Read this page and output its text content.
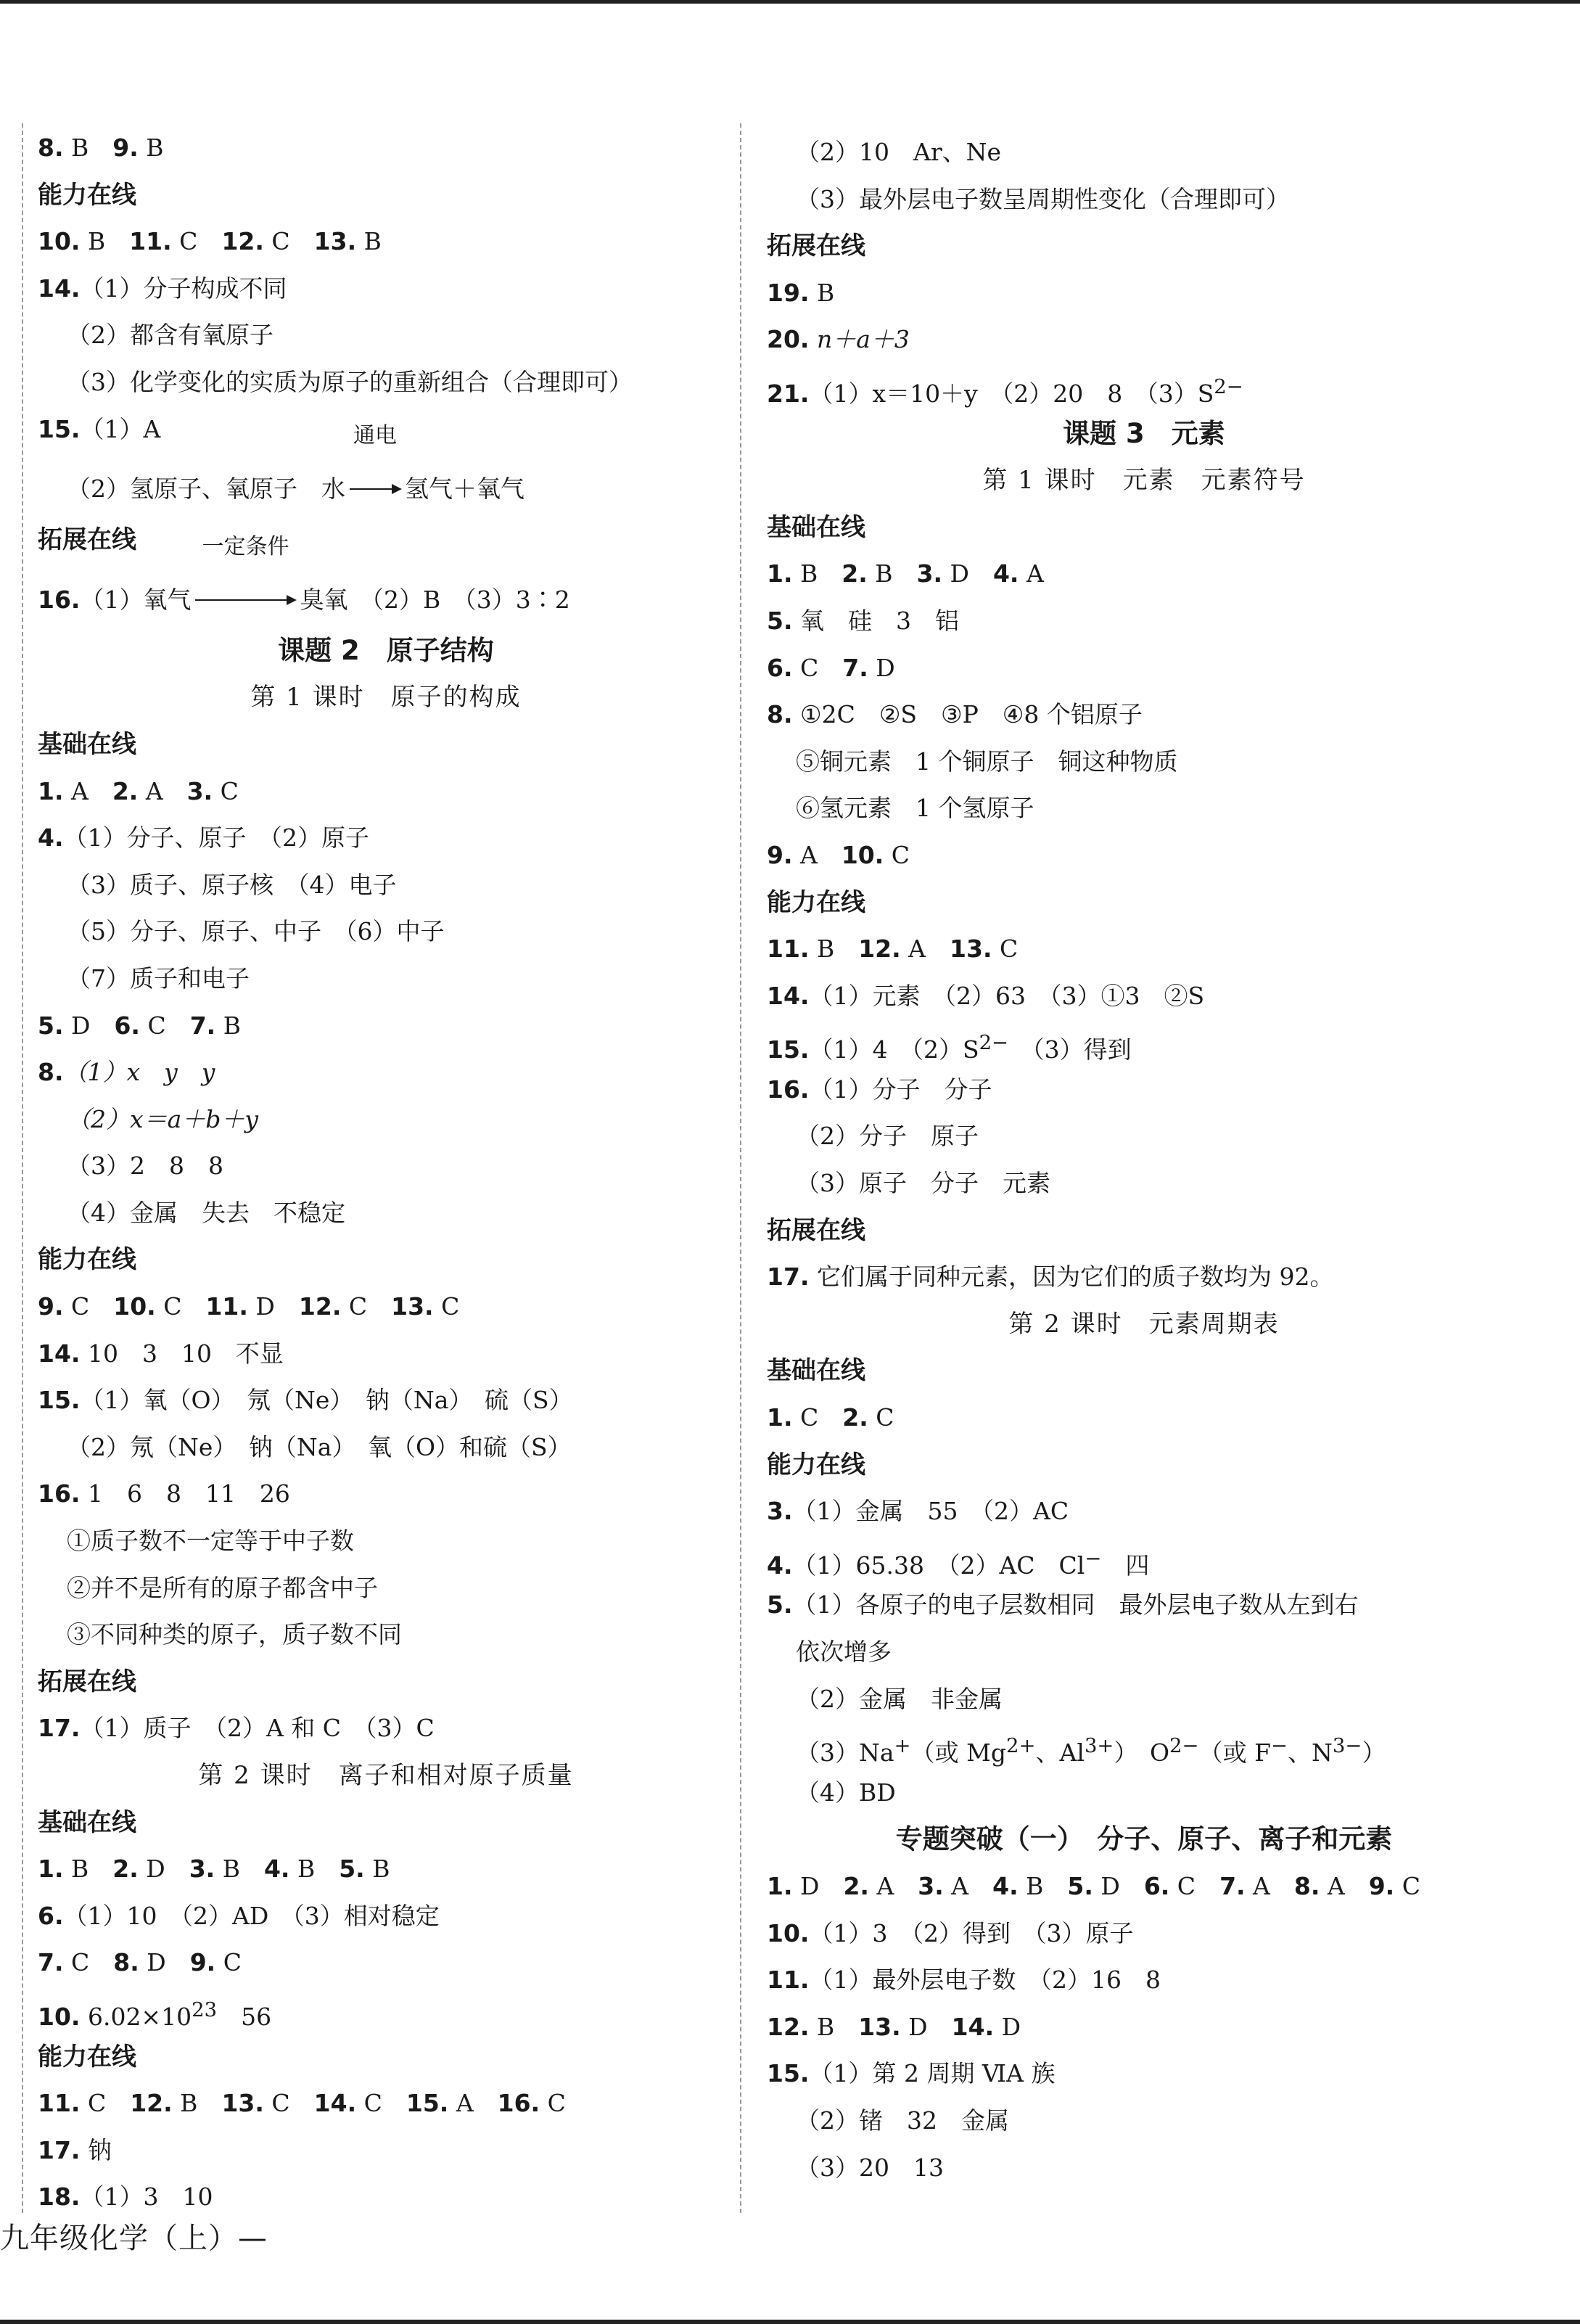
8. B　9. B
能力在线
10. B　11. C　12. C　13. B
14.（1）分子构成不同
（2）都含有氧原子
（3）化学变化的实质为原子的重新组合（合理即可）
15.（1）A
（2）氢原子、氧原子　水
通电
氢气＋氧气
拓展在线
16.（1）氧气
一定条件
臭氧　（2）B　（3）3∶2
课题 2　原子结构
第 1 课时　原子的构成
基础在线
1. A　2. A　3. C
4.（1）分子、原子　（2）原子
（3）质子、原子核　（4）电子
（5）分子、原子、中子　（6）中子
（7）质子和电子
5. D　6. C　7. B
8.（1）x　y　y
（2）x＝a＋b＋y
（3）2　8　8
（4）金属　失去　不稳定
能力在线
9. C　10. C　11. D　12. C　13. C
14. 10　3　10　不显
15.（1）氧（O）　氖（Ne）　钠（Na）　硫（S）
（2）氖（Ne）　钠（Na）　氧（O）和硫（S）
16. 1　6　8　11　26
①质子数不一定等于中子数
②并不是所有的原子都含中子
③不同种类的原子，质子数不同
拓展在线
17.（1）质子　（2）A 和 C　（3）C
第 2 课时　离子和相对原子质量
基础在线
1. B　2. D　3. B　4. B　5. B
6.（1）10　（2）AD　（3）相对稳定
7. C　8. D　9. C
10. $6.02\times 10^{23}$　56
能力在线
11. C　12. B　13. C　14. C　15. A　16. C
17. 钠
18.（1）3　10
（2）10　Ar、Ne
（3）最外层电子数呈周期性变化（合理即可）
拓展在线
19. B
20. n＋a＋3
21.（1）x＝10＋y　（2）20　8　$(3)S^{2-}$
课题 3　元素
第 1 课时　元素　元素符号
基础在线
1. B　2. B　3. D　4. A
5. 氧　硅　3　铝
6. C　7. D
8. ①2C　②S　③P　④8 个铝原子
⑤铜元素　1 个铜原子　铜这种物质
⑥氢元素　1 个氢原子
9. A　10. C
能力在线
11. B　12. A　13. C
14.（1）元素　（2）63　（3）①3　②S
15.（1）4　$(2)S^{2-}$　（3）得到
16.（1）分子　分子
（2）分子　原子
（3）原子　分子　元素
拓展在线
17. 它们属于同种元素，因为它们的质子数均为 92。
第 2 课时　元素周期表
基础在线
1. C　2. C
能力在线
3.（1）金属　55　（2）AC
4.（1）65.38　（2）AC　Cl−　四
5.（1）各原子的电子层数相同　最外层电子数从左到右
依次增多
（2）金属　非金属
（3）Na+（或 $Mg^{2+}$、$Al^{3+}$）　$O^{2-}$（或 F−、$N^{3-}$）
（4）BD
专题突破（一）　分子、原子、离子和元素
1. D　2. A　3. A　4. B　5. D　6. C　7. A　8. A　9. C
10.（1）3　（2）得到　（3）原子
11.（1）最外层电子数　（2）16　8
12. B　13. D　14. D
15.（1）第 2 周期 ⅥA 族
（2）锗　32　金属
（3）20　13
九年级化学（上）—
